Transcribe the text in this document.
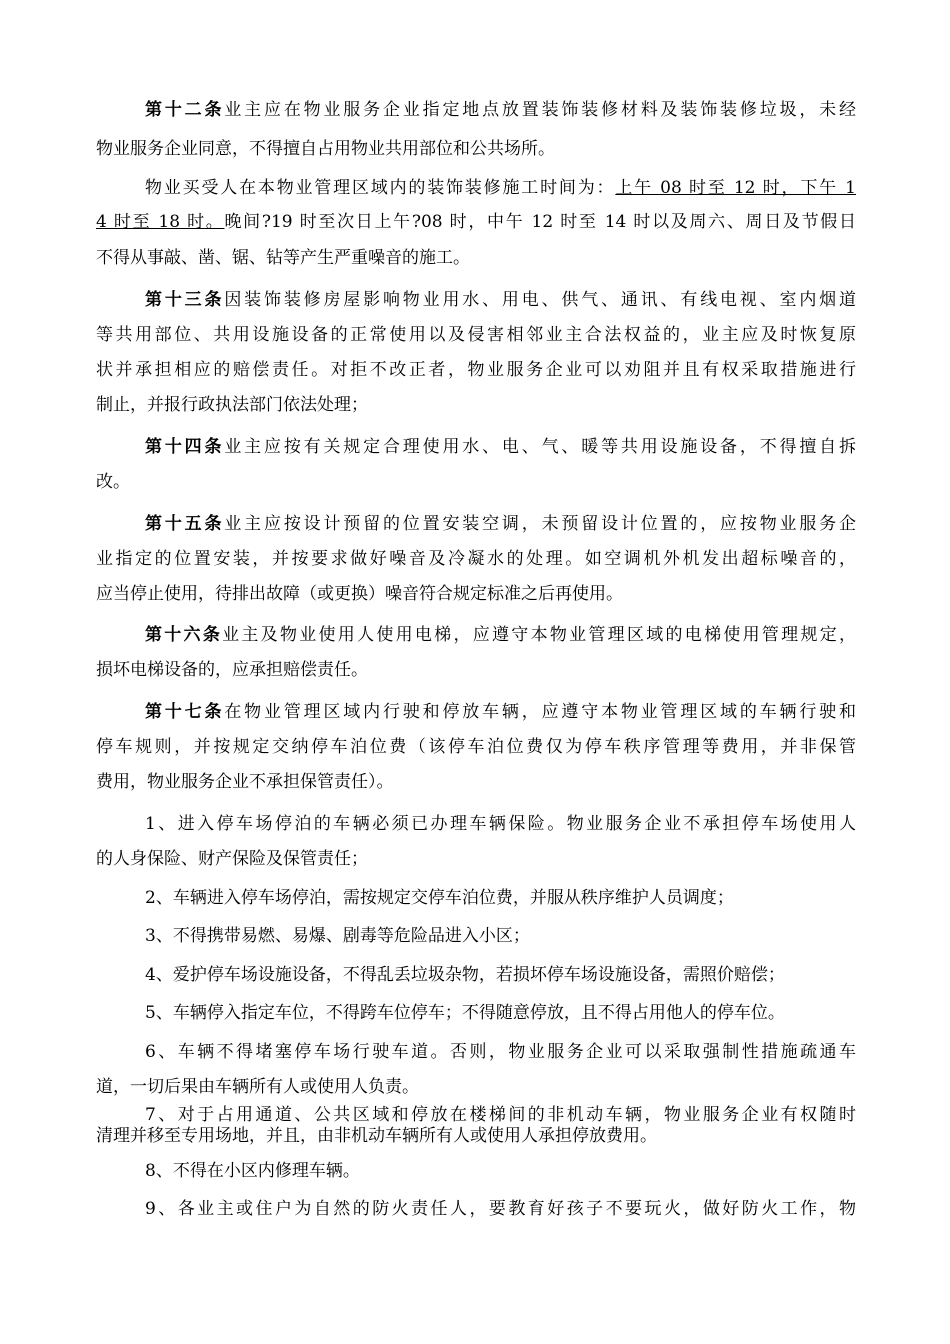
第十二条业主应在物业服务企业指定地点放置装饰装修材料及装饰装修垃圾，未经
物业服务企业同意，不得擅自占用物业共用部位和公共场所。
物业买受人在本物业管理区域内的装饰装修施工时间为：上午 08 时至 12 时，下午 1
4 时至 18 时。晚间?19 时至次日上午?08 时，中午 12 时至 14 时以及周六、周日及节假日
不得从事敲、凿、锯、钻等产生严重噪音的施工。
第十三条因装饰装修房屋影响物业用水、用电、供气、通讯、有线电视、室内烟道
等共用部位、共用设施设备的正常使用以及侵害相邻业主合法权益的，业主应及时恢复原
状并承担相应的赔偿责任。对拒不改正者，物业服务企业可以劝阻并且有权采取措施进行
制止，并报行政执法部门依法处理；
第十四条业主应按有关规定合理使用水、电、气、暖等共用设施设备，不得擅自拆
改。
第十五条业主应按设计预留的位置安装空调，未预留设计位置的，应按物业服务企
业指定的位置安装，并按要求做好噪音及冷凝水的处理。如空调机外机发出超标噪音的，
应当停止使用，待排出故障（或更换）噪音符合规定标准之后再使用。
第十六条业主及物业使用人使用电梯，应遵守本物业管理区域的电梯使用管理规定，
损坏电梯设备的，应承担赔偿责任。
第十七条在物业管理区域内行驶和停放车辆，应遵守本物业管理区域的车辆行驶和
停车规则，并按规定交纳停车泊位费（该停车泊位费仅为停车秩序管理等费用，并非保管
费用，物业服务企业不承担保管责任）。
1、进入停车场停泊的车辆必须已办理车辆保险。物业服务企业不承担停车场使用人
的人身保险、财产保险及保管责任；
2、车辆进入停车场停泊，需按规定交停车泊位费，并服从秩序维护人员调度；
3、不得携带易燃、易爆、剧毒等危险品进入小区；
4、爱护停车场设施设备，不得乱丢垃圾杂物，若损坏停车场设施设备，需照价赔偿；
5、车辆停入指定车位，不得跨车位停车；不得随意停放，且不得占用他人的停车位。
6、车辆不得堵塞停车场行驶车道。否则，物业服务企业可以采取强制性措施疏通车
道，一切后果由车辆所有人或使用人负责。
7、对于占用通道、公共区域和停放在楼梯间的非机动车辆，物业服务企业有权随时
清理并移至专用场地，并且，由非机动车辆所有人或使用人承担停放费用。
8、不得在小区内修理车辆。
9、各业主或住户为自然的防火责任人，要教育好孩子不要玩火，做好防火工作，物
